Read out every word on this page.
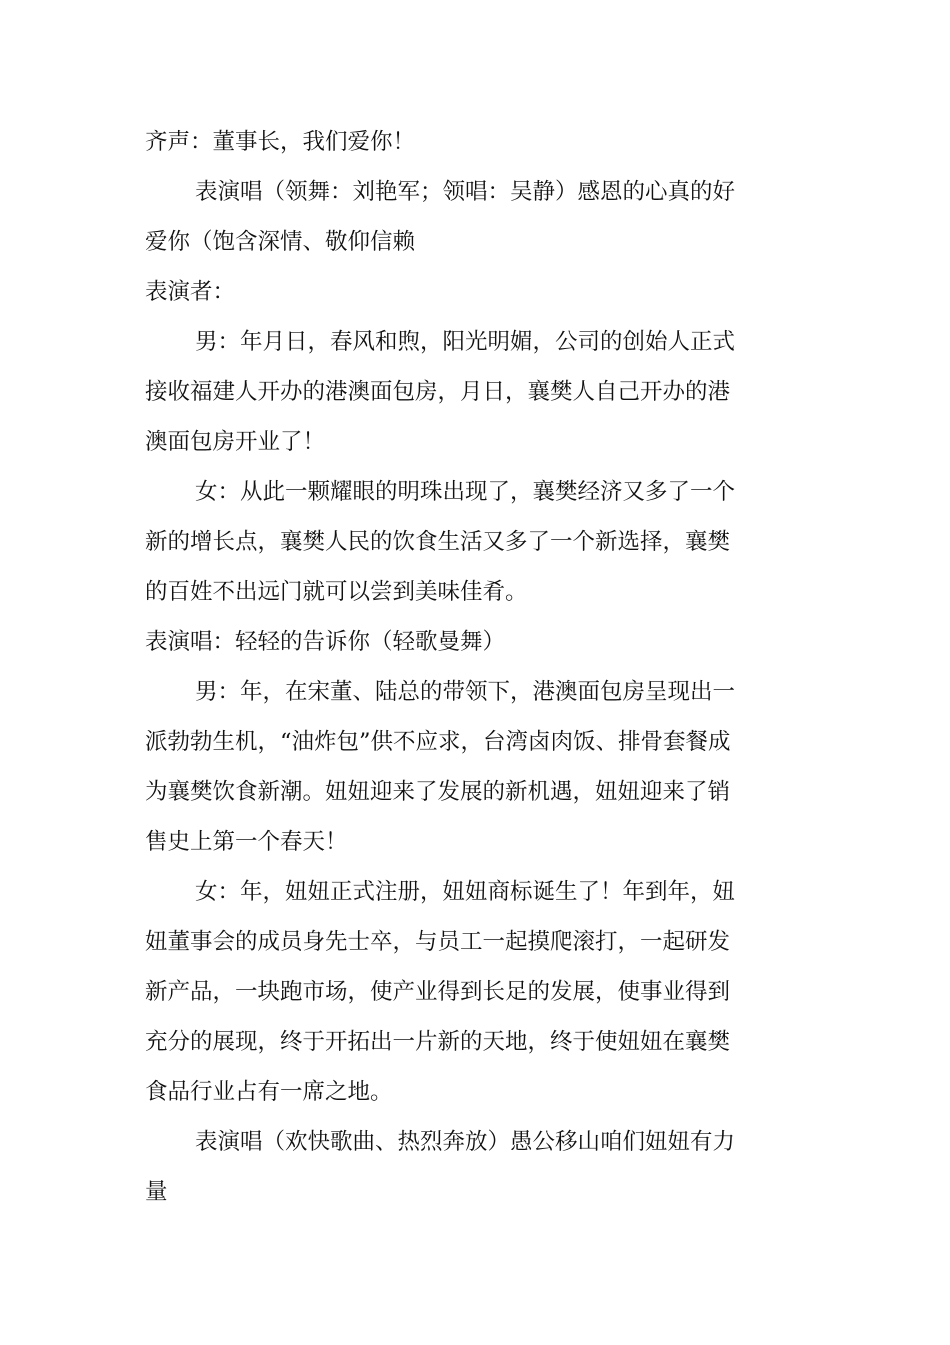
齐声：董事长，我们爱你！

表演唱（领舞：刘艳军；领唱：吴静）感恩的心真的好爱你（饱含深情、敬仰信赖

表演者：

男：年月日，春风和煦，阳光明媚，公司的创始人正式接收福建人开办的港澳面包房，月日，襄樊人自己开办的港澳面包房开业了！

女：从此一颗耀眼的明珠出现了，襄樊经济又多了一个新的增长点，襄樊人民的饮食生活又多了一个新选择，襄樊的百姓不出远门就可以尝到美味佳肴。

表演唱：轻轻的告诉你（轻歌曼舞）

男：年，在宋董、陆总的带领下，港澳面包房呈现出一派勃勃生机，“油炸包”供不应求，台湾卤肉饭、排骨套餐成为襄樊饮食新潮。妞妞迎来了发展的新机遇，妞妞迎来了销售史上第一个春天！

女：年，妞妞正式注册，妞妞商标诞生了！年到年，妞妞董事会的成员身先士卒，与员工一起摸爬滚打，一起研发新产品，一块跑市场，使产业得到长足的发展，使事业得到充分的展现，终于开拓出一片新的天地，终于使妞妞在襄樊食品行业占有一席之地。

表演唱（欢快歌曲、热烈奔放）愚公移山咱们妞妞有力量
